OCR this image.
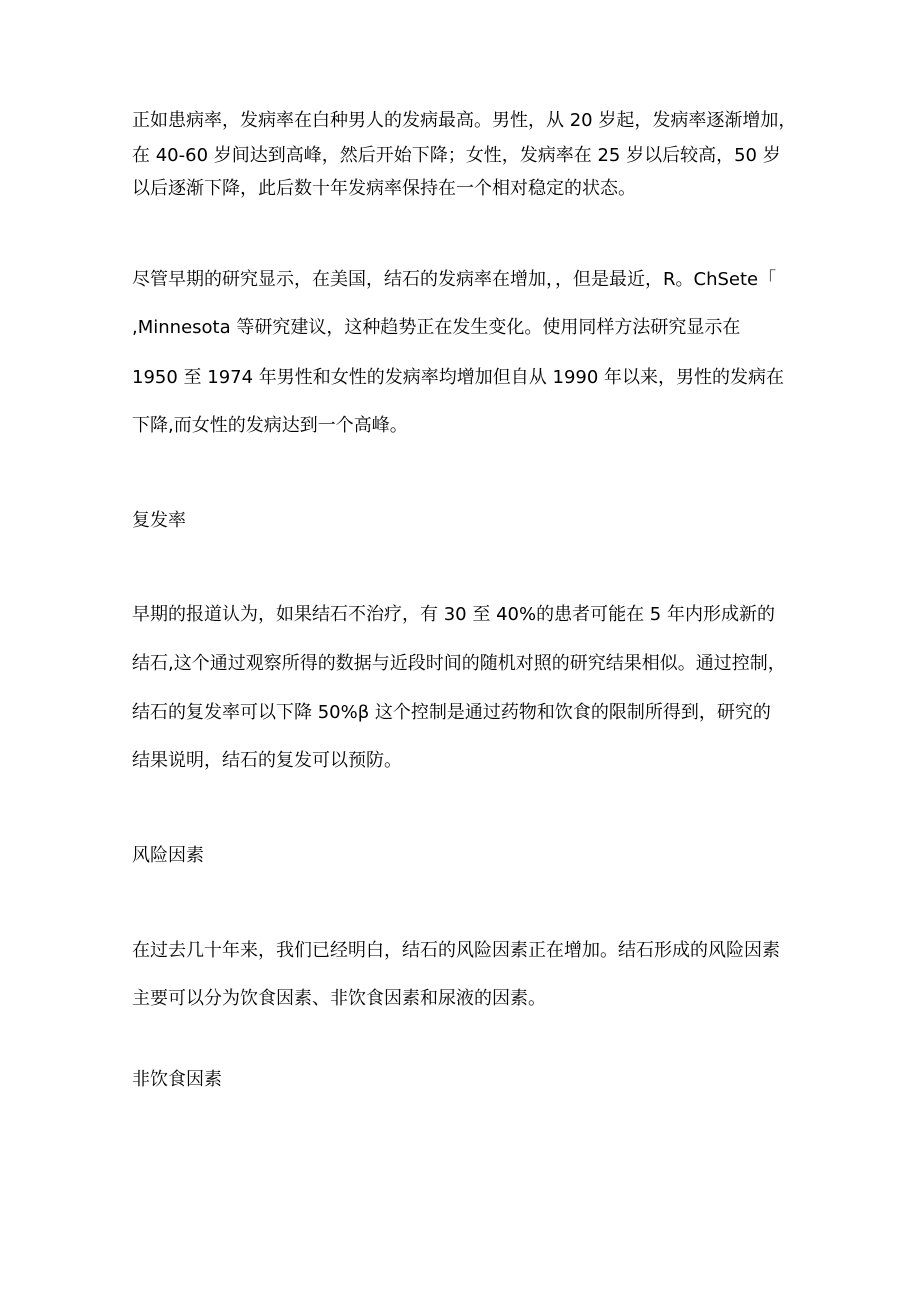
正如患病率，发病率在白种男人的发病最高。男性，从 20 岁起，发病率逐渐增加，
在 40-60 岁间达到高峰，然后开始下降；女性，发病率在 25 岁以后较高，50 岁
以后逐渐下降，此后数十年发病率保持在一个相对稳定的状态。
尽管早期的研究显示，在美国，结石的发病率在增加，，但是最近，R。ChSete「
,Minnesota 等研究建议，这种趋势正在发生变化。使用同样方法研究显示在
1950 至 1974 年男性和女性的发病率均增加但自从 1990 年以来，男性的发病在
下降,而女性的发病达到一个高峰。
复发率
早期的报道认为，如果结石不治疗，有 30 至 40%的患者可能在 5 年内形成新的
结石,这个通过观察所得的数据与近段时间的随机对照的研究结果相似。通过控制，
结石的复发率可以下降 50%β 这个控制是通过药物和饮食的限制所得到，研究的
结果说明，结石的复发可以预防。
风险因素
在过去几十年来，我们已经明白，结石的风险因素正在增加。结石形成的风险因素
主要可以分为饮食因素、非饮食因素和尿液的因素。
非饮食因素
